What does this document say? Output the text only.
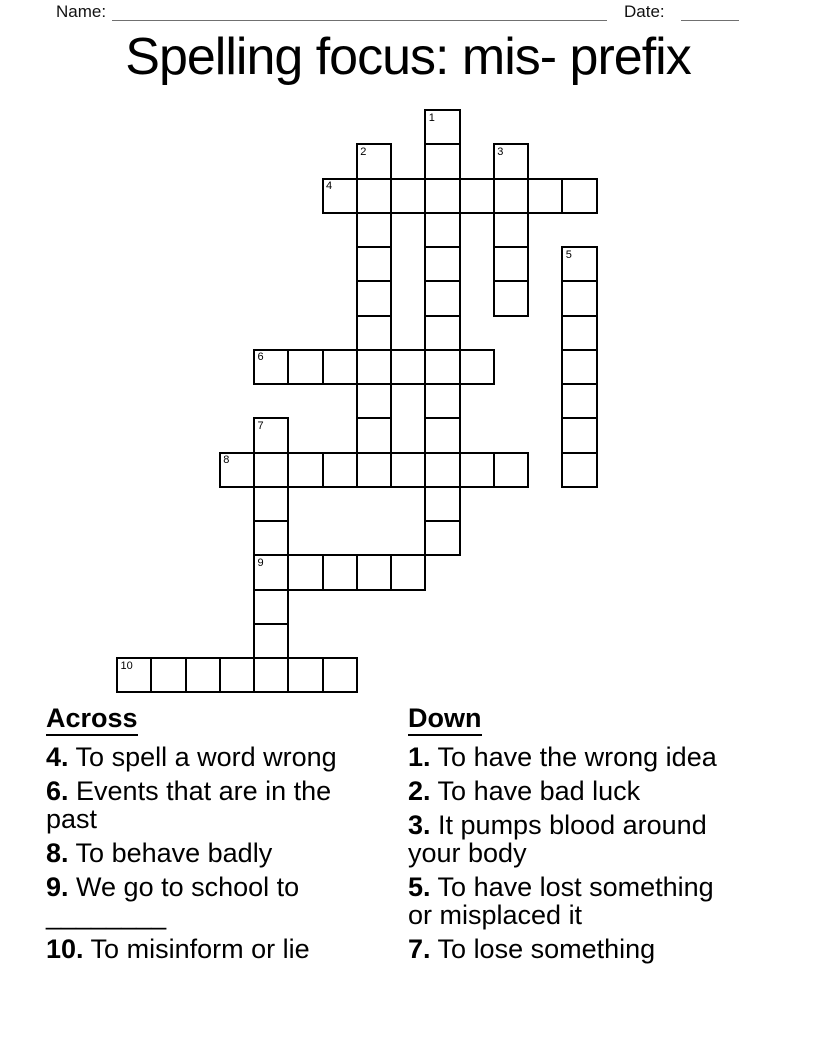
Name:	Date:
Spelling focus: mis- prefix
1
2	3
4
5
6
7
9
8
10
Across
4. To spell a word wrong
6. Events that are in the past
8. To behave badly
9. We go to school to ________
10. To misinform or lie
Down
1. To have the wrong idea
2. To have bad luck
3. It pumps blood around your body
5. To have lost something or misplaced it
7. To lose something
